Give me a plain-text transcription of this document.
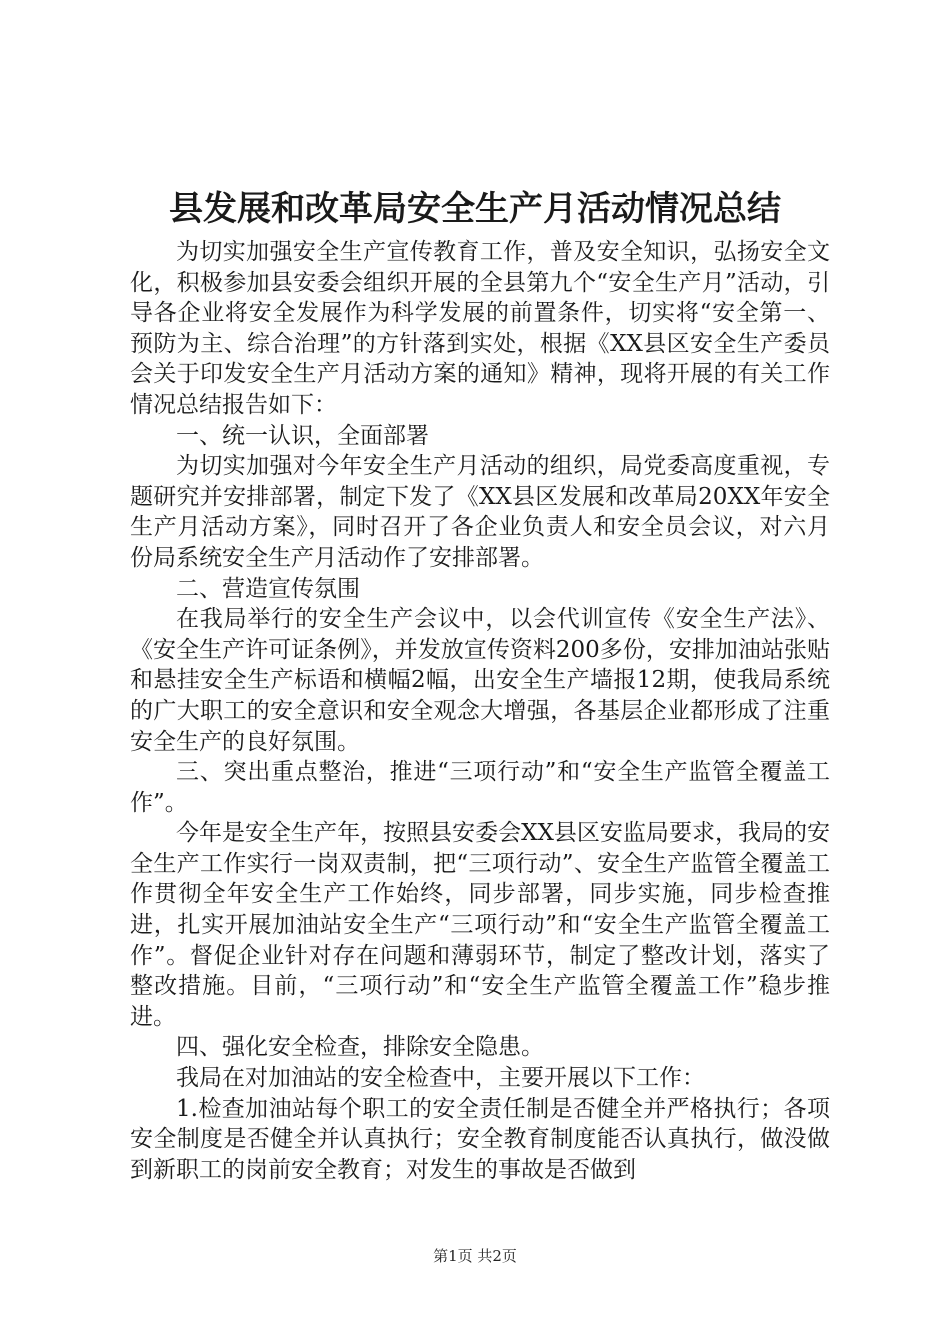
县发展和改革局安全生产月活动情况总结

为切实加强安全生产宣传教育工作，普及安全知识，弘扬安全文化，积极参加县安委会组织开展的全县第九个“安全生产月”活动，引导各企业将安全发展作为科学发展的前置条件，切实将“安全第一、预防为主、综合治理”的方针落到实处，根据《XX县区安全生产委员会关于印发安全生产月活动方案的通知》精神，现将开展的有关工作情况总结报告如下：

一、统一认识，全面部署

为切实加强对今年安全生产月活动的组织，局党委高度重视，专题研究并安排部署，制定下发了《XX县区发展和改革局20XX年安全生产月活动方案》，同时召开了各企业负责人和安全员会议，对六月份局系统安全生产月活动作了安排部署。

二、营造宣传氛围

在我局举行的安全生产会议中，以会代训宣传《安全生产法》、《安全生产许可证条例》，并发放宣传资料200多份，安排加油站张贴和悬挂安全生产标语和横幅2幅，出安全生产墙报12期，使我局系统的广大职工的安全意识和安全观念大增强，各基层企业都形成了注重安全生产的良好氛围。

三、突出重点整治，推进“三项行动”和“安全生产监管全覆盖工作”。

今年是安全生产年，按照县安委会XX县区安监局要求，我局的安全生产工作实行一岗双责制，把“三项行动”、安全生产监管全覆盖工作贯彻全年安全生产工作始终，同步部署，同步实施，同步检查推进，扎实开展加油站安全生产“三项行动”和“安全生产监管全覆盖工作”。督促企业针对存在问题和薄弱环节，制定了整改计划，落实了整改措施。目前，“三项行动”和“安全生产监管全覆盖工作”稳步推进。

四、强化安全检查，排除安全隐患。

我局在对加油站的安全检查中，主要开展以下工作：

1.检查加油站每个职工的安全责任制是否健全并严格执行；各项安全制度是否健全并认真执行；安全教育制度能否认真执行，做没做到新职工的岗前安全教育；对发生的事故是否做到

第1页 共2页
